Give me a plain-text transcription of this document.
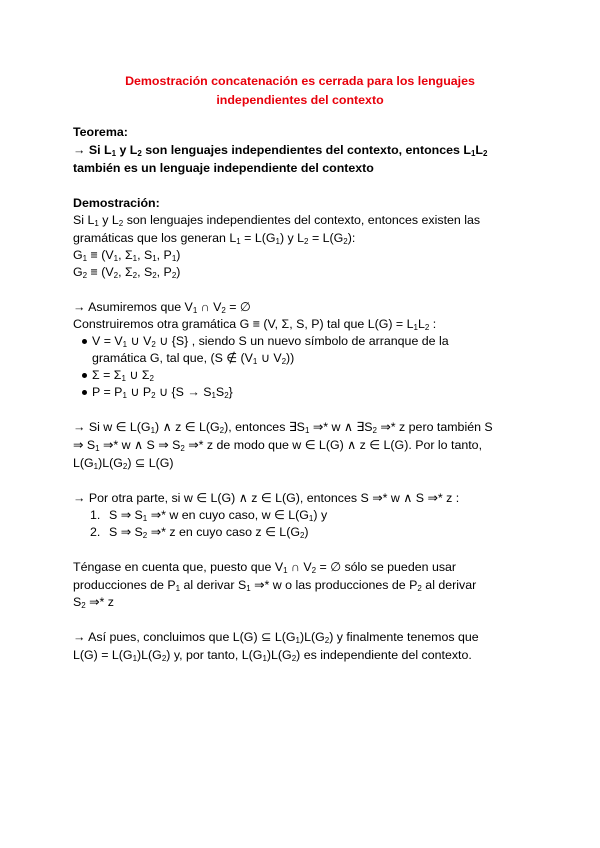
Demostración concatenación es cerrada para los lenguajes
independientes del contexto
Teorema:
→ Si $L_1$ y $L_2$ son lenguajes independientes del contexto, entonces $L_1L_2$
también es un lenguaje independiente del contexto
Demostración:
Si $L_1$ y $L_2$ son lenguajes independientes del contexto, entonces existen las
gramáticas que los generan $L_1 = L(G_1)$ y $L_2 = L(G_2)$:
$G_1 \equiv (V_1$, $\Sigma_1$, $S_1$, $P_1$)
$G_2 \equiv (V_2$, $\Sigma_2$, $S_2$, $P_2$)
→ Asumiremos que $V_1$ ∩ $V_2$ = ∅
Construiremos otra gramática G ≡ (V, Σ, S, P) tal que $L(G) = L_1L_2$ :
$V = V_1$ ∪ $V_2$ ∪ {S} , siendo S un nuevo símbolo de arranque de la
gramática G, tal que, (S ∉ ($V_1$ ∪ $V_2$))
$\Sigma = \Sigma_1$ ∪ $\Sigma_2$
$P = P_1$ ∪ $P_2$ ∪ $\{S \to S_1S_2\}$
→ Si w ∈ $L(G_1)$ ∧ z ∈ $L(G_2)$, entonces $\exists S_1$ ⇒* w ∧ $\exists S_2$ ⇒* z pero también S
⇒ $S_1$ ⇒* w ∧ S ⇒ $S_2$ ⇒* z de modo que w ∈ L(G) ∧ z ∈ L(G). Por lo tanto,
$L(G_1)L(G_2)$ ⊆ L(G)
→ Por otra parte, si w ∈ L(G) ∧ z ∈ L(G), entonces S ⇒* w ∧ S ⇒* z :
1. S ⇒ $S_1$ ⇒* w en cuyo caso, w ∈ $L(G_1)$ y
2. S ⇒ $S_2$ ⇒* z en cuyo caso z ∈ $L(G_2)$
Téngase en cuenta que, puesto que $V_1$ ∩ $V_2$ = ∅ sólo se pueden usar
producciones de $P_1$ al derivar $S_1$ ⇒* w o las producciones de $P_2$ al derivar
$S_2$ ⇒* z
→ Así pues, concluimos que L(G) ⊆ $L(G_1)L(G_2)$ y finalmente tenemos que
$L(G) = L(G_1)L(G_2)$ y, por tanto, $L(G_1)L(G_2)$ es independiente del contexto.
